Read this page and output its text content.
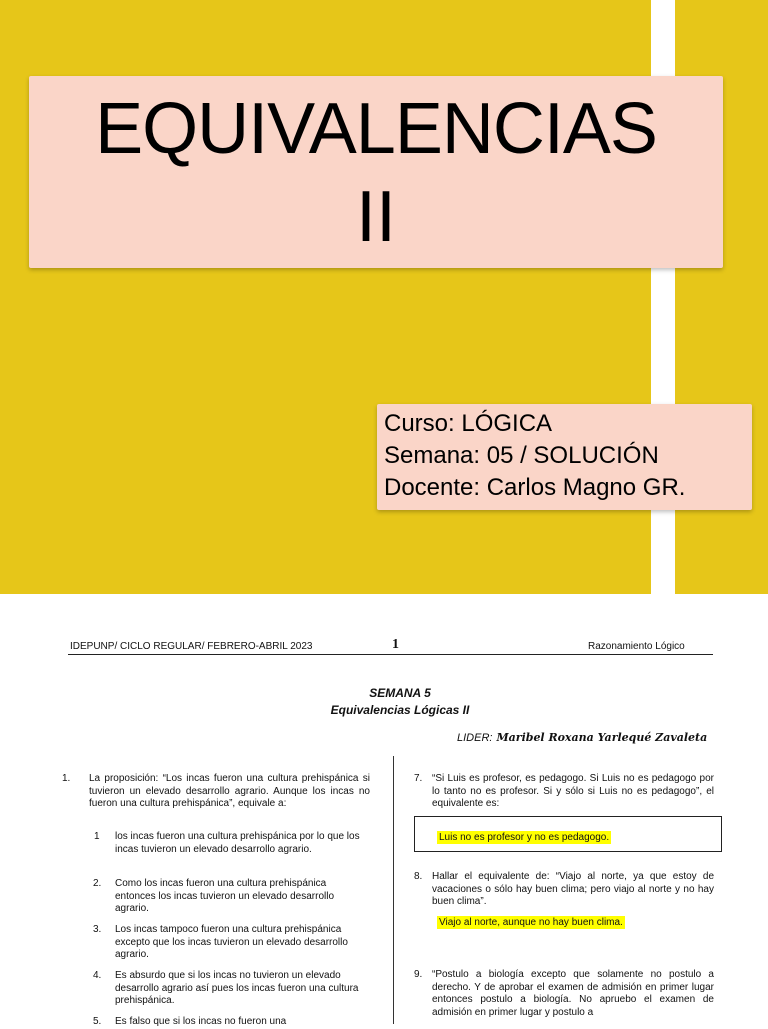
EQUIVALENCIAS
II
Curso: LÓGICA
Semana: 05 / SOLUCIÓN
Docente: Carlos Magno GR.
IDEPUNP/ CICLO REGULAR/ FEBRERO-ABRIL 2023	1	Razonamiento Lógico
SEMANA 5
Equivalencias Lógicas II
LIDER: Maribel Roxana Yarlequé Zavaleta
1. La proposición: “Los incas fueron una cultura prehispánica si tuvieron un elevado desarrollo agrario. Aunque los incas no fueron una cultura prehispánica”, equivale a:
1 los incas fueron una cultura prehispánica por lo que los incas tuvieron un elevado desarrollo agrario.
2. Como los incas fueron una cultura prehispánica entonces los incas tuvieron un elevado desarrollo agrario.
3. Los incas tampoco fueron una cultura prehispánica excepto que los incas tuvieron un elevado desarrollo agrario.
4. Es absurdo que si los incas no tuvieron un elevado desarrollo agrario así pues los incas fueron una cultura prehispánica.
5. Es falso que si los incas no fueron una
7. “Si Luis es profesor, es pedagogo. Si Luis no es pedagogo por lo tanto no es profesor. Si y sólo si Luis no es pedagogo”, el equivalente es:
Luis no es profesor y no es pedagogo.
8. Hallar el equivalente de: “Viajo al norte, ya que estoy de vacaciones o sólo hay buen clima; pero viajo al norte y no hay buen clima”.
Viajo al norte, aunque no hay buen clima.
9. “Postulo a biología excepto que solamente no postulo a derecho. Y de aprobar el examen de admisión en primer lugar entonces postulo a biología. No apruebo el examen de admisión en primer lugar y postulo a
